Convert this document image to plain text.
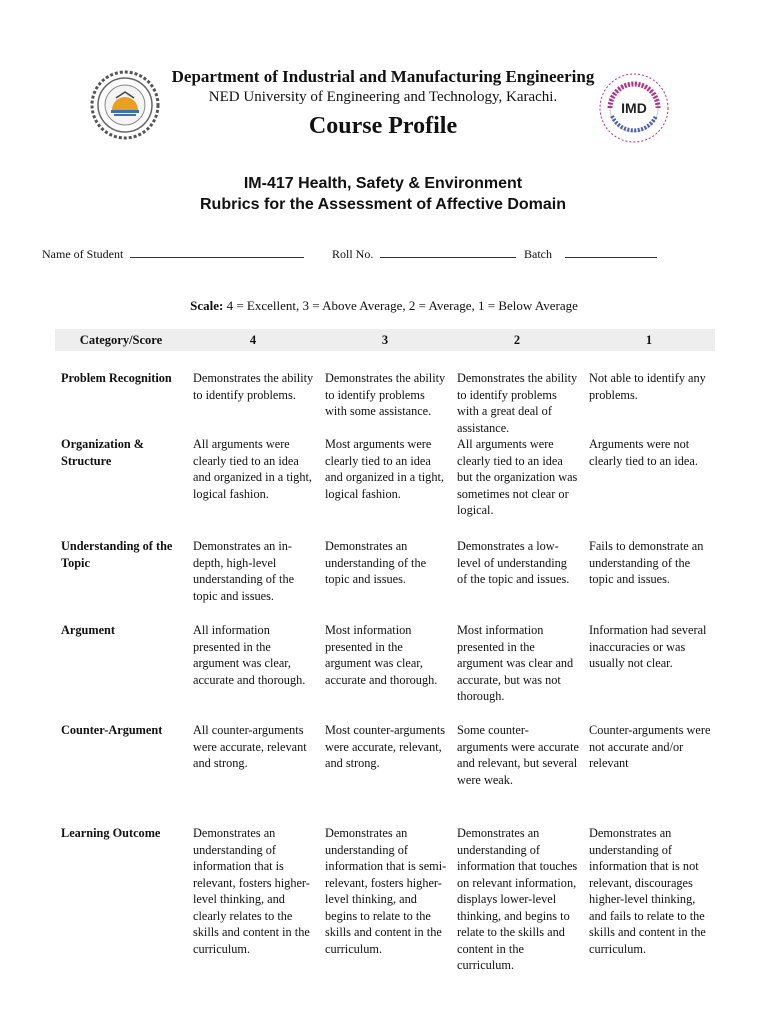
IMD
Department of Industrial and Manufacturing Engineering
NED University of Engineering and Technology, Karachi.
Course Profile
IM-417 Health, Safety & Environment
Rubrics for the Assessment of Affective Domain
Name of Student	Roll No.	Batch
Scale: 4 = Excellent, 3 = Above Average, 2 = Average, 1 = Below Average
Category/Score	4	3	2	1
Problem Recognition	Demonstrates the ability to identify problems.	Demonstrates the ability to identify problems with some assistance.	Demonstrates the ability to identify problems with a great deal of assistance.	Not able to identify any problems.
Organization & Structure	All arguments were clearly tied to an idea and organized in a tight, logical fashion.	Most arguments were clearly tied to an idea and organized in a tight, logical fashion.	All arguments were clearly tied to an idea but the organization was sometimes not clear or logical.	Arguments were not clearly tied to an idea.
Understanding of the Topic	Demonstrates an in-depth, high-level understanding of the topic and issues.	Demonstrates an understanding of the topic and issues.	Demonstrates a low-level of understanding of the topic and issues.	Fails to demonstrate an understanding of the topic and issues.
Argument	All information presented in the argument was clear, accurate and thorough.	Most information presented in the argument was clear, accurate and thorough.	Most information presented in the argument was clear and accurate, but was not thorough.	Information had several inaccuracies or was usually not clear.
Counter-Argument	All counter-arguments were accurate, relevant and strong.	Most counter-arguments were accurate, relevant, and strong.	Some counter-arguments were accurate and relevant, but several were weak.	Counter-arguments were not accurate and/or relevant
Learning Outcome	Demonstrates an understanding of information that is relevant, fosters higher-level thinking, and clearly relates to the skills and content in the curriculum.	Demonstrates an understanding of information that is semi-relevant, fosters higher-level thinking, and begins to relate to the skills and content in the curriculum.	Demonstrates an understanding of information that touches on relevant information, displays lower-level thinking, and begins to relate to the skills and content in the curriculum.	Demonstrates an understanding of information that is not relevant, discourages higher-level thinking, and fails to relate to the skills and content in the curriculum.
